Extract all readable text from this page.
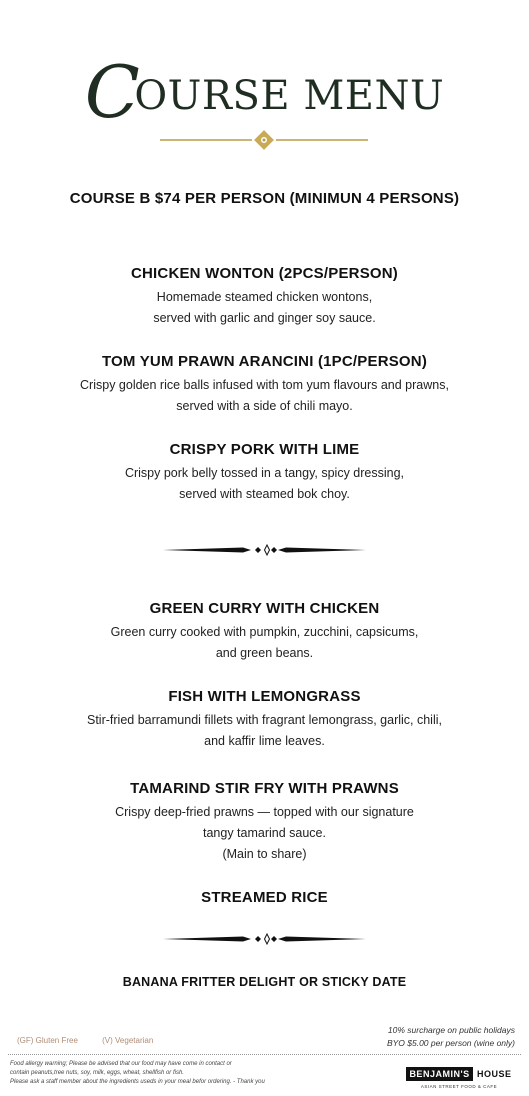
COURSE MENU
COURSE B $74 PER PERSON (MINIMUN 4 PERSONS)
CHICKEN WONTON (2PCS/PERSON)
Homemade steamed chicken wontons,
served with garlic and ginger soy sauce.
TOM YUM PRAWN ARANCINI (1PC/PERSON)
Crispy golden rice balls infused with tom yum flavours and prawns,
served with a side of chili mayo.
CRISPY PORK WITH LIME
Crispy pork belly tossed in a tangy, spicy dressing,
served with steamed bok choy.
GREEN CURRY WITH CHICKEN
Green curry cooked with pumpkin, zucchini, capsicums,
and green beans.
FISH WITH LEMONGRASS
Stir-fried barramundi fillets with fragrant lemongrass, garlic, chili,
and kaffir lime leaves.
TAMARIND STIR FRY WITH PRAWNS
Crispy deep-fried prawns — topped with our signature
tangy tamarind sauce.
(Main to share)
STREAMED RICE
BANANA FRITTER DELIGHT OR STICKY DATE
(GF) Gluten Free	(V) Vegetarian
10% surcharge on public holidays
BYO $5.00 per person (wine only)
Food allergy warning; Please be advised that our food may have come in contact or
contain peanuts,tree nuts, soy, milk, eggs, wheat, shellfish or fish.
Please ask a staff member about the ingredients useds in your meal befor ordering. - Thank you
BENJAMIN'S HOUSE
ASIAN STREET FOOD & CAFE
